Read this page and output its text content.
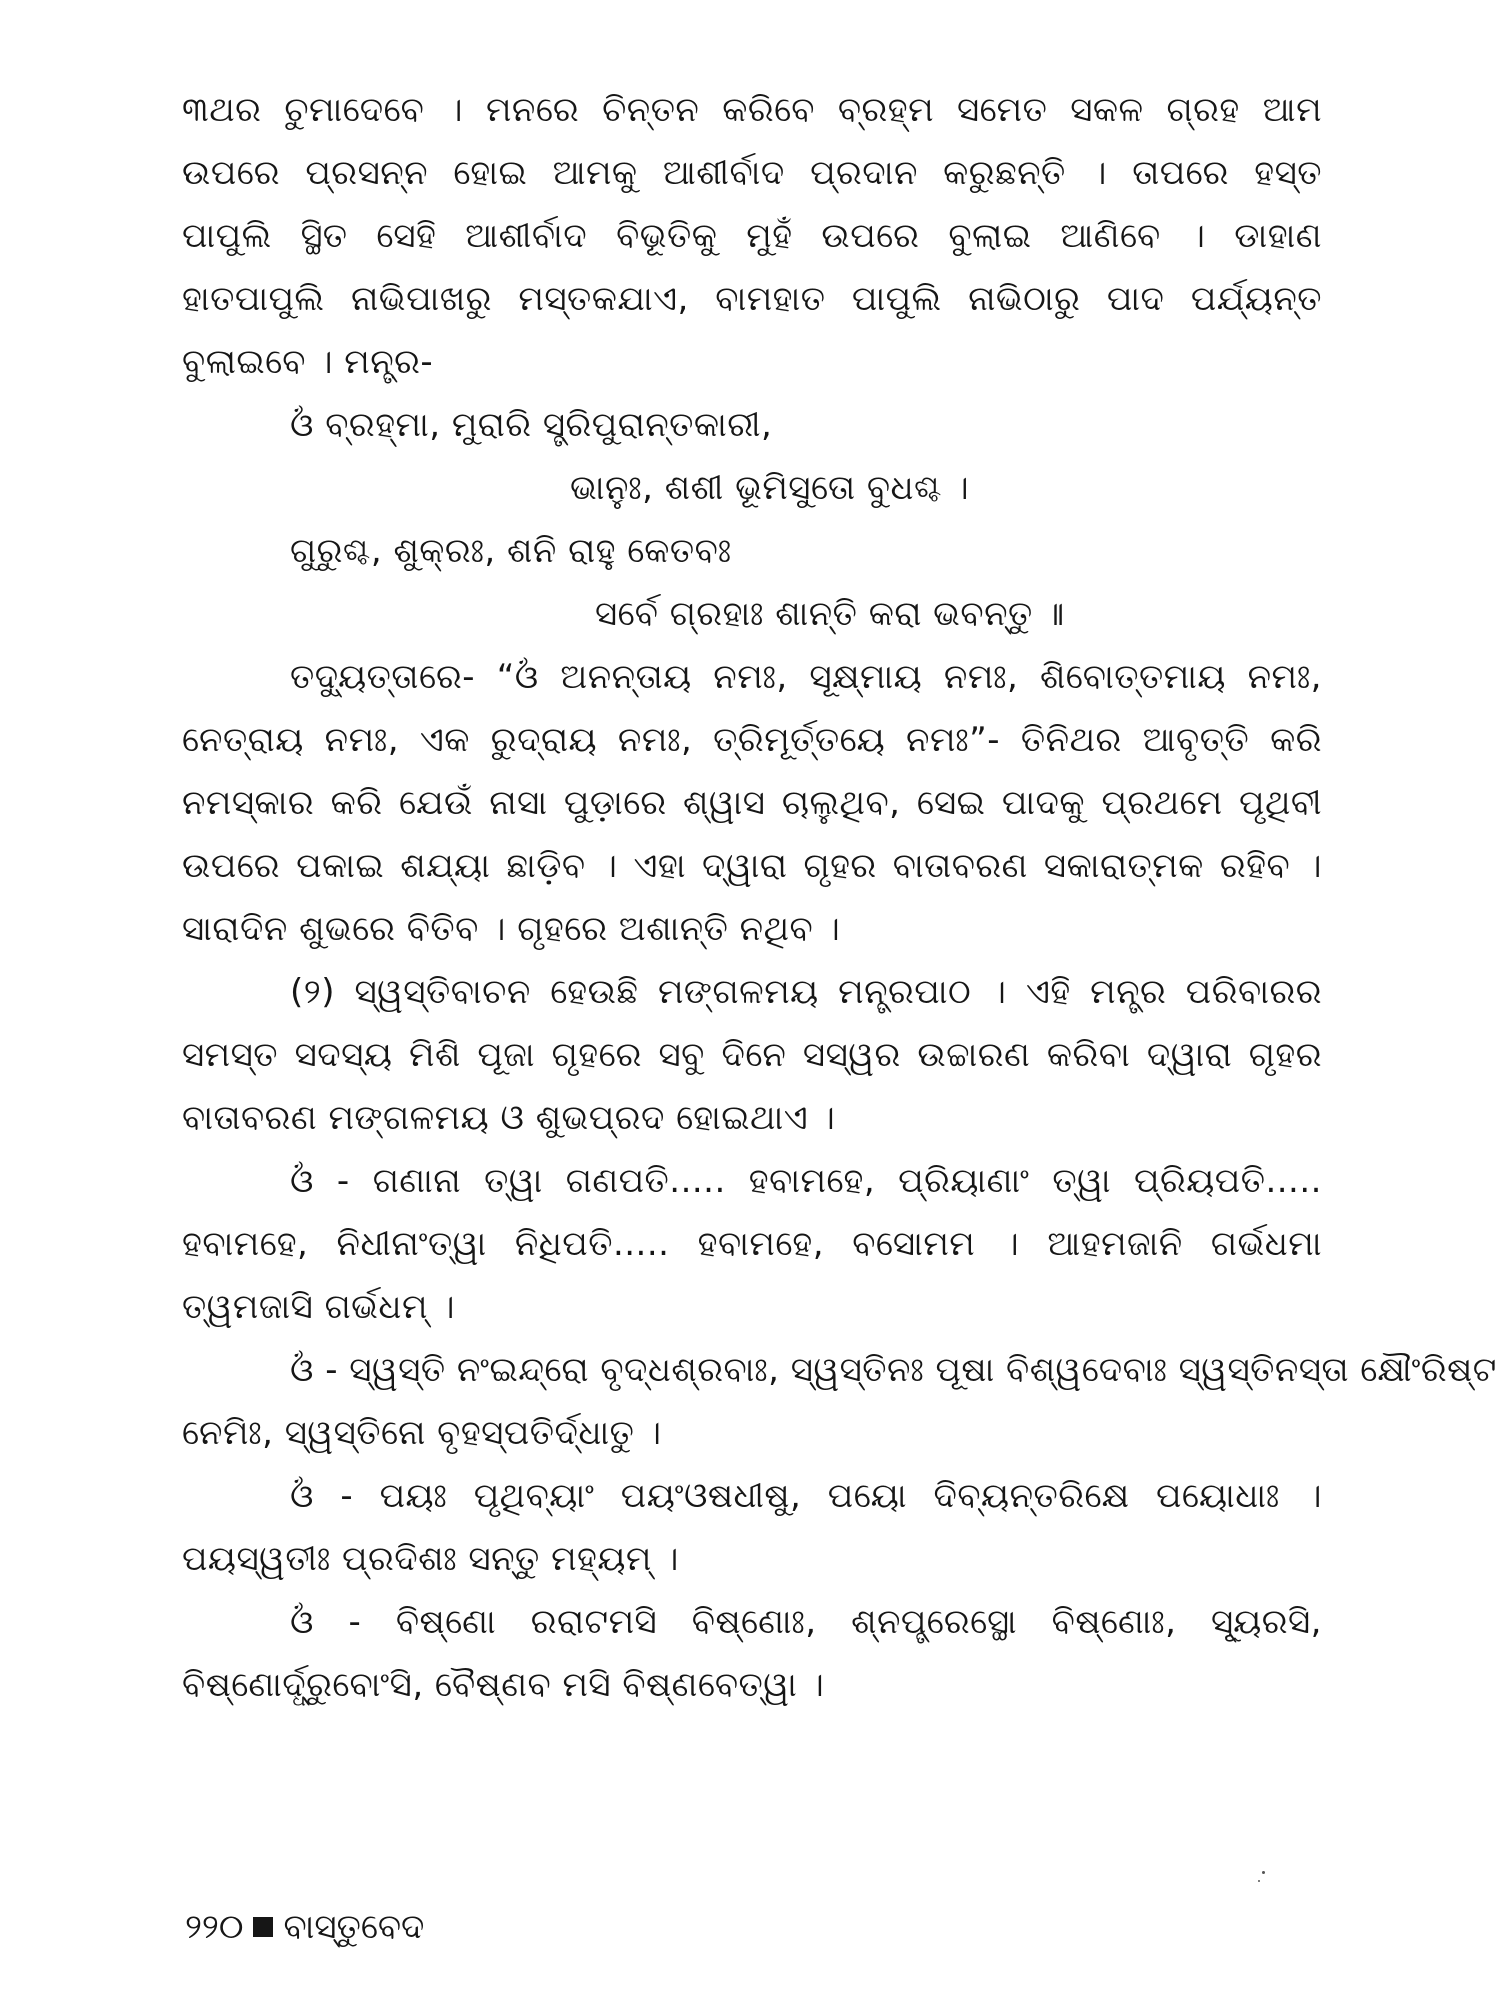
୩ଥର ଚୁମାଦେବେ । ମନରେ ଚିନ୍ତନ କରିବେ ବ୍ରହ୍ମ ସମେତ ସକଳ ଗ୍ରହ ଆମ
ଉପରେ ପ୍ରସନ୍ନ ହୋଇ ଆମକୁ ଆଶୀର୍ବାଦ ପ୍ରଦାନ କରୁଛନ୍ତି । ତାପରେ ହସ୍ତ
ପାପୁଲି ସ୍ଥିତ ସେହି ଆଶୀର୍ବାଦ ବିଭୂତିକୁ ମୁହଁ ଉପରେ ବୁଲାଇ ଆଣିବେ । ଡାହାଣ
ହାତପାପୁଲି ନାଭିପାଖରୁ ମସ୍ତକଯାଏ, ବାମହାତ ପାପୁଲି ନାଭିଠାରୁ ପାଦ ପର୍ଯ୍ୟନ୍ତ
ବୁଲାଇବେ । ମନ୍ତ୍ର-
ଓଁ ବ୍ରହ୍ମା, ମୁରାରି ସ୍ତ୍ରିପୁରାନ୍ତକାରୀ,
ଭାନୁଃ, ଶଶୀ ଭୂମିସୁତୋ ବୁଧଶ୍ଚ ।
ଗୁରୁଶ୍ଚ, ଶୁକ୍ରଃ, ଶନି ରାହୁ କେତବଃ
ସର୍ବେ ଗ୍ରହାଃ ଶାନ୍ତି କରା ଭବନ୍ତୁ ॥
ତଦ୍ୟୁତ୍ତାରେ- “ଓଁ ଅନନ୍ତାୟ ନମଃ, ସୂକ୍ଷ୍ମାୟ ନମଃ, ଶିବୋତ୍ତମାୟ ନମଃ,
ନେତ୍ରାୟ ନମଃ, ଏକ ରୁଦ୍ରାୟ ନମଃ, ତ୍ରିମୂର୍ତ୍ତୟେ ନମଃ”- ତିନିଥର ଆବୃତ୍ତି କରି
ନମସ୍କାର କରି ଯେଉଁ ନାସା ପୁଡ଼ାରେ ଶ୍ୱାସ ଚାଲୁଥିବ, ସେଇ ପାଦକୁ ପ୍ରଥମେ ପୃଥିବୀ
ଉପରେ ପକାଇ ଶଯ୍ୟା ଛାଡ଼ିବ । ଏହା ଦ୍ୱାରା ଗୃହର ବାତାବରଣ ସକାରାତ୍ମକ ରହିବ ।
ସାରାଦିନ ଶୁଭରେ ବିତିବ । ଗୃହରେ ଅଶାନ୍ତି ନଥିବ ।
(୨) ସ୍ୱସ୍ତିବାଚନ ହେଉଛି ମଙ୍ଗଳମୟ ମନ୍ତ୍ରପାଠ । ଏହି ମନ୍ତ୍ର ପରିବାରର
ସମସ୍ତ ସଦସ୍ୟ ମିଶି ପୂଜା ଗୃହରେ ସବୁ ଦିନେ ସସ୍ୱର ଉଚ୍ଚାରଣ କରିବା ଦ୍ୱାରା ଗୃହର
ବାତାବରଣ ମଙ୍ଗଳମୟ ଓ ଶୁଭପ୍ରଦ ହୋଇଥାଏ ।
ଓଁ - ଗଣାନା ତ୍ୱା ଗଣପତି..... ହବାମହେ, ପ୍ରିୟାଣାଂ ତ୍ୱା ପ୍ରିୟପତି.....
ହବାମହେ, ନିଧୀନାଂତ୍ୱା ନିଧିପତି..... ହବାମହେ, ବସୋମମ । ଆହମଜାନି ଗର୍ଭଧମା
ତ୍ୱମଜାସି ଗର୍ଭଧମ୍ ।
ଓଁ - ସ୍ୱସ୍ତି ନଂଇନ୍ଦ୍ରୋ ବୃଦ୍ଧଶ୍ରବାଃ, ସ୍ୱସ୍ତିନଃ ପୂଷା ବିଶ୍ୱଦେବାଃ ସ୍ୱସ୍ତିନସ୍ତା କ୍ଷୌଂରିଷ୍ଟ
ନେମିଃ, ସ୍ୱସ୍ତିନୋ ବୃହସ୍ପତିର୍ଦ୍ଧାତୁ ।
ଓଁ - ପୟଃ ପୃଥିବ୍ୟାଂ ପୟଂଓଷଧୀଷୁ, ପୟୋ ଦିବ୍ୟନ୍ତରିକ୍ଷେ ପୟୋଧାଃ ।
ପୟସ୍ୱତୀଃ ପ୍ରଦିଶଃ ସନ୍ତୁ ମହ୍ୟମ୍ ।
ଓଁ - ବିଷ୍ଣୋ ରରାଟମସି ବିଷ୍ଣୋଃ, ଶ୍ନପ୍ତ୍ରେସ୍ଥୋ ବିଷ୍ଣୋଃ, ସ୍ୟୂରସି,
ବିଷ୍ଣୋର୍ଦ୍ଧ୍ରୁବୋଂସି, ବୈଷ୍ଣବ ମସି ବିଷ୍ଣବେତ୍ୱା ।
୨୨୦ ବାସ୍ତୁବେଦ
